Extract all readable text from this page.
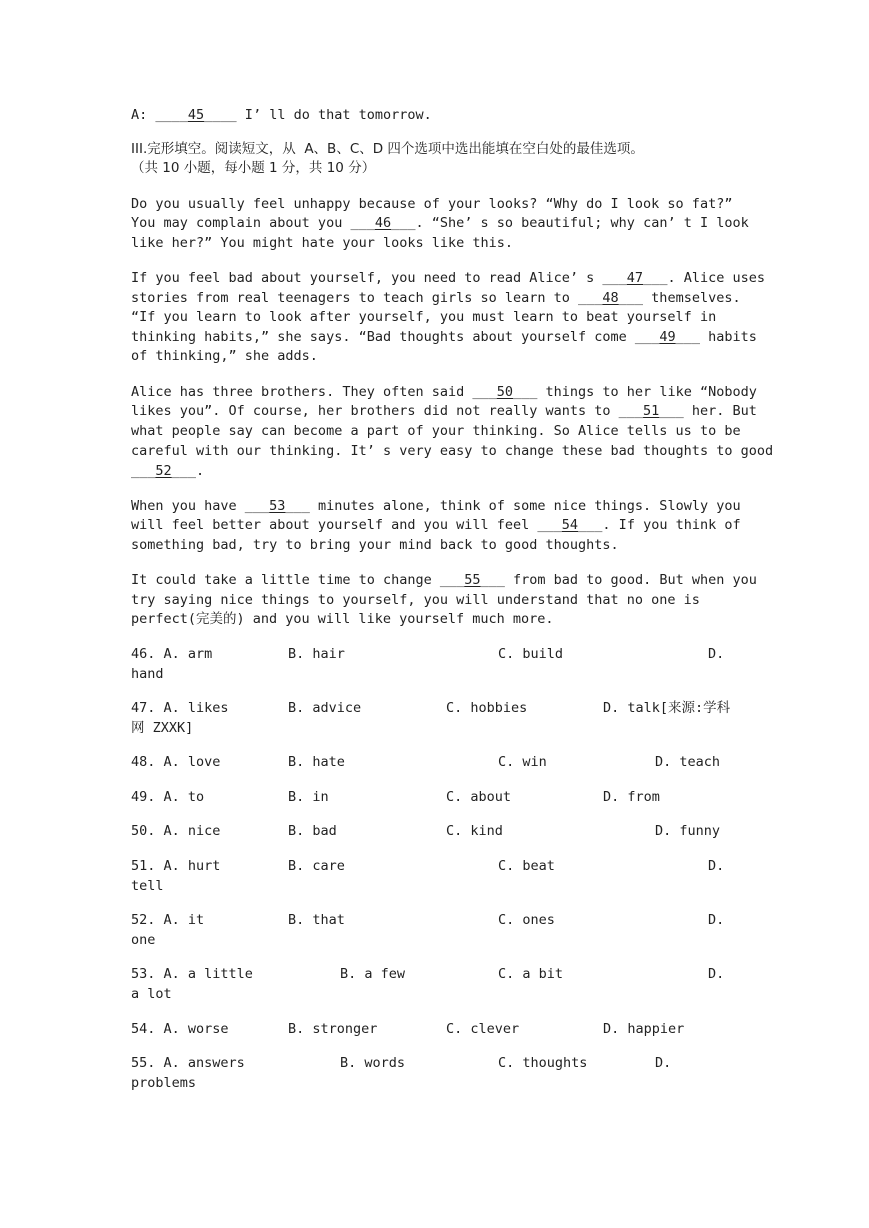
A: ____45____ I’ ll do that tomorrow.
III.完形填空。阅读短文，从  A、B、C、D 四个选项中选出能填在空白处的最佳选项。
（共 10 小题，每小题 1 分，共 10 分）
Do you usually feel unhappy because of your looks? “Why do I look so fat?”
You may complain about you ___46___. “She’ s so beautiful; why can’ t I look
like her?” You might hate your looks like this.
If you feel bad about yourself, you need to read Alice’ s ___47___. Alice uses
stories from real teenagers to teach girls so learn to ___48___ themselves.
“If you learn to look after yourself, you must learn to beat yourself in
thinking habits,” she says. “Bad thoughts about yourself come ___49___ habits
of thinking,” she adds.
Alice has three brothers. They often said ___50___ things to her like “Nobody
likes you”. Of course, her brothers did not really wants to ___51___ her. But
what people say can become a part of your thinking. So Alice tells us to be
careful with our thinking. It’ s very easy to change these bad thoughts to good
___52___.
When you have ___53___ minutes alone, think of some nice things. Slowly you
will feel better about yourself and you will feel ___54___. If you think of
something bad, try to bring your mind back to good thoughts.
It could take a little time to change ___55___ from bad to good. But when you
try saying nice things to yourself, you will understand that no one is
perfect(完美的) and you will like yourself much more.
46. A. arm	B. hair	C. build	D.
hand
47. A. likes	B. advice	C. hobbies	D. talk[来源:学科
网 ZXXK]
48. A. love	B. hate	C. win	D. teach
49. A. to	B. in	C. about	D. from
50. A. nice	B. bad	C. kind	D. funny
51. A. hurt	B. care	C. beat	D.
tell
52. A. it	B. that	C. ones	D.
one
53. A. a little	B. a few	C. a bit	D.
a lot
54. A. worse	B. stronger	C. clever	D. happier
55. A. answers	B. words	C. thoughts	D.
problems
